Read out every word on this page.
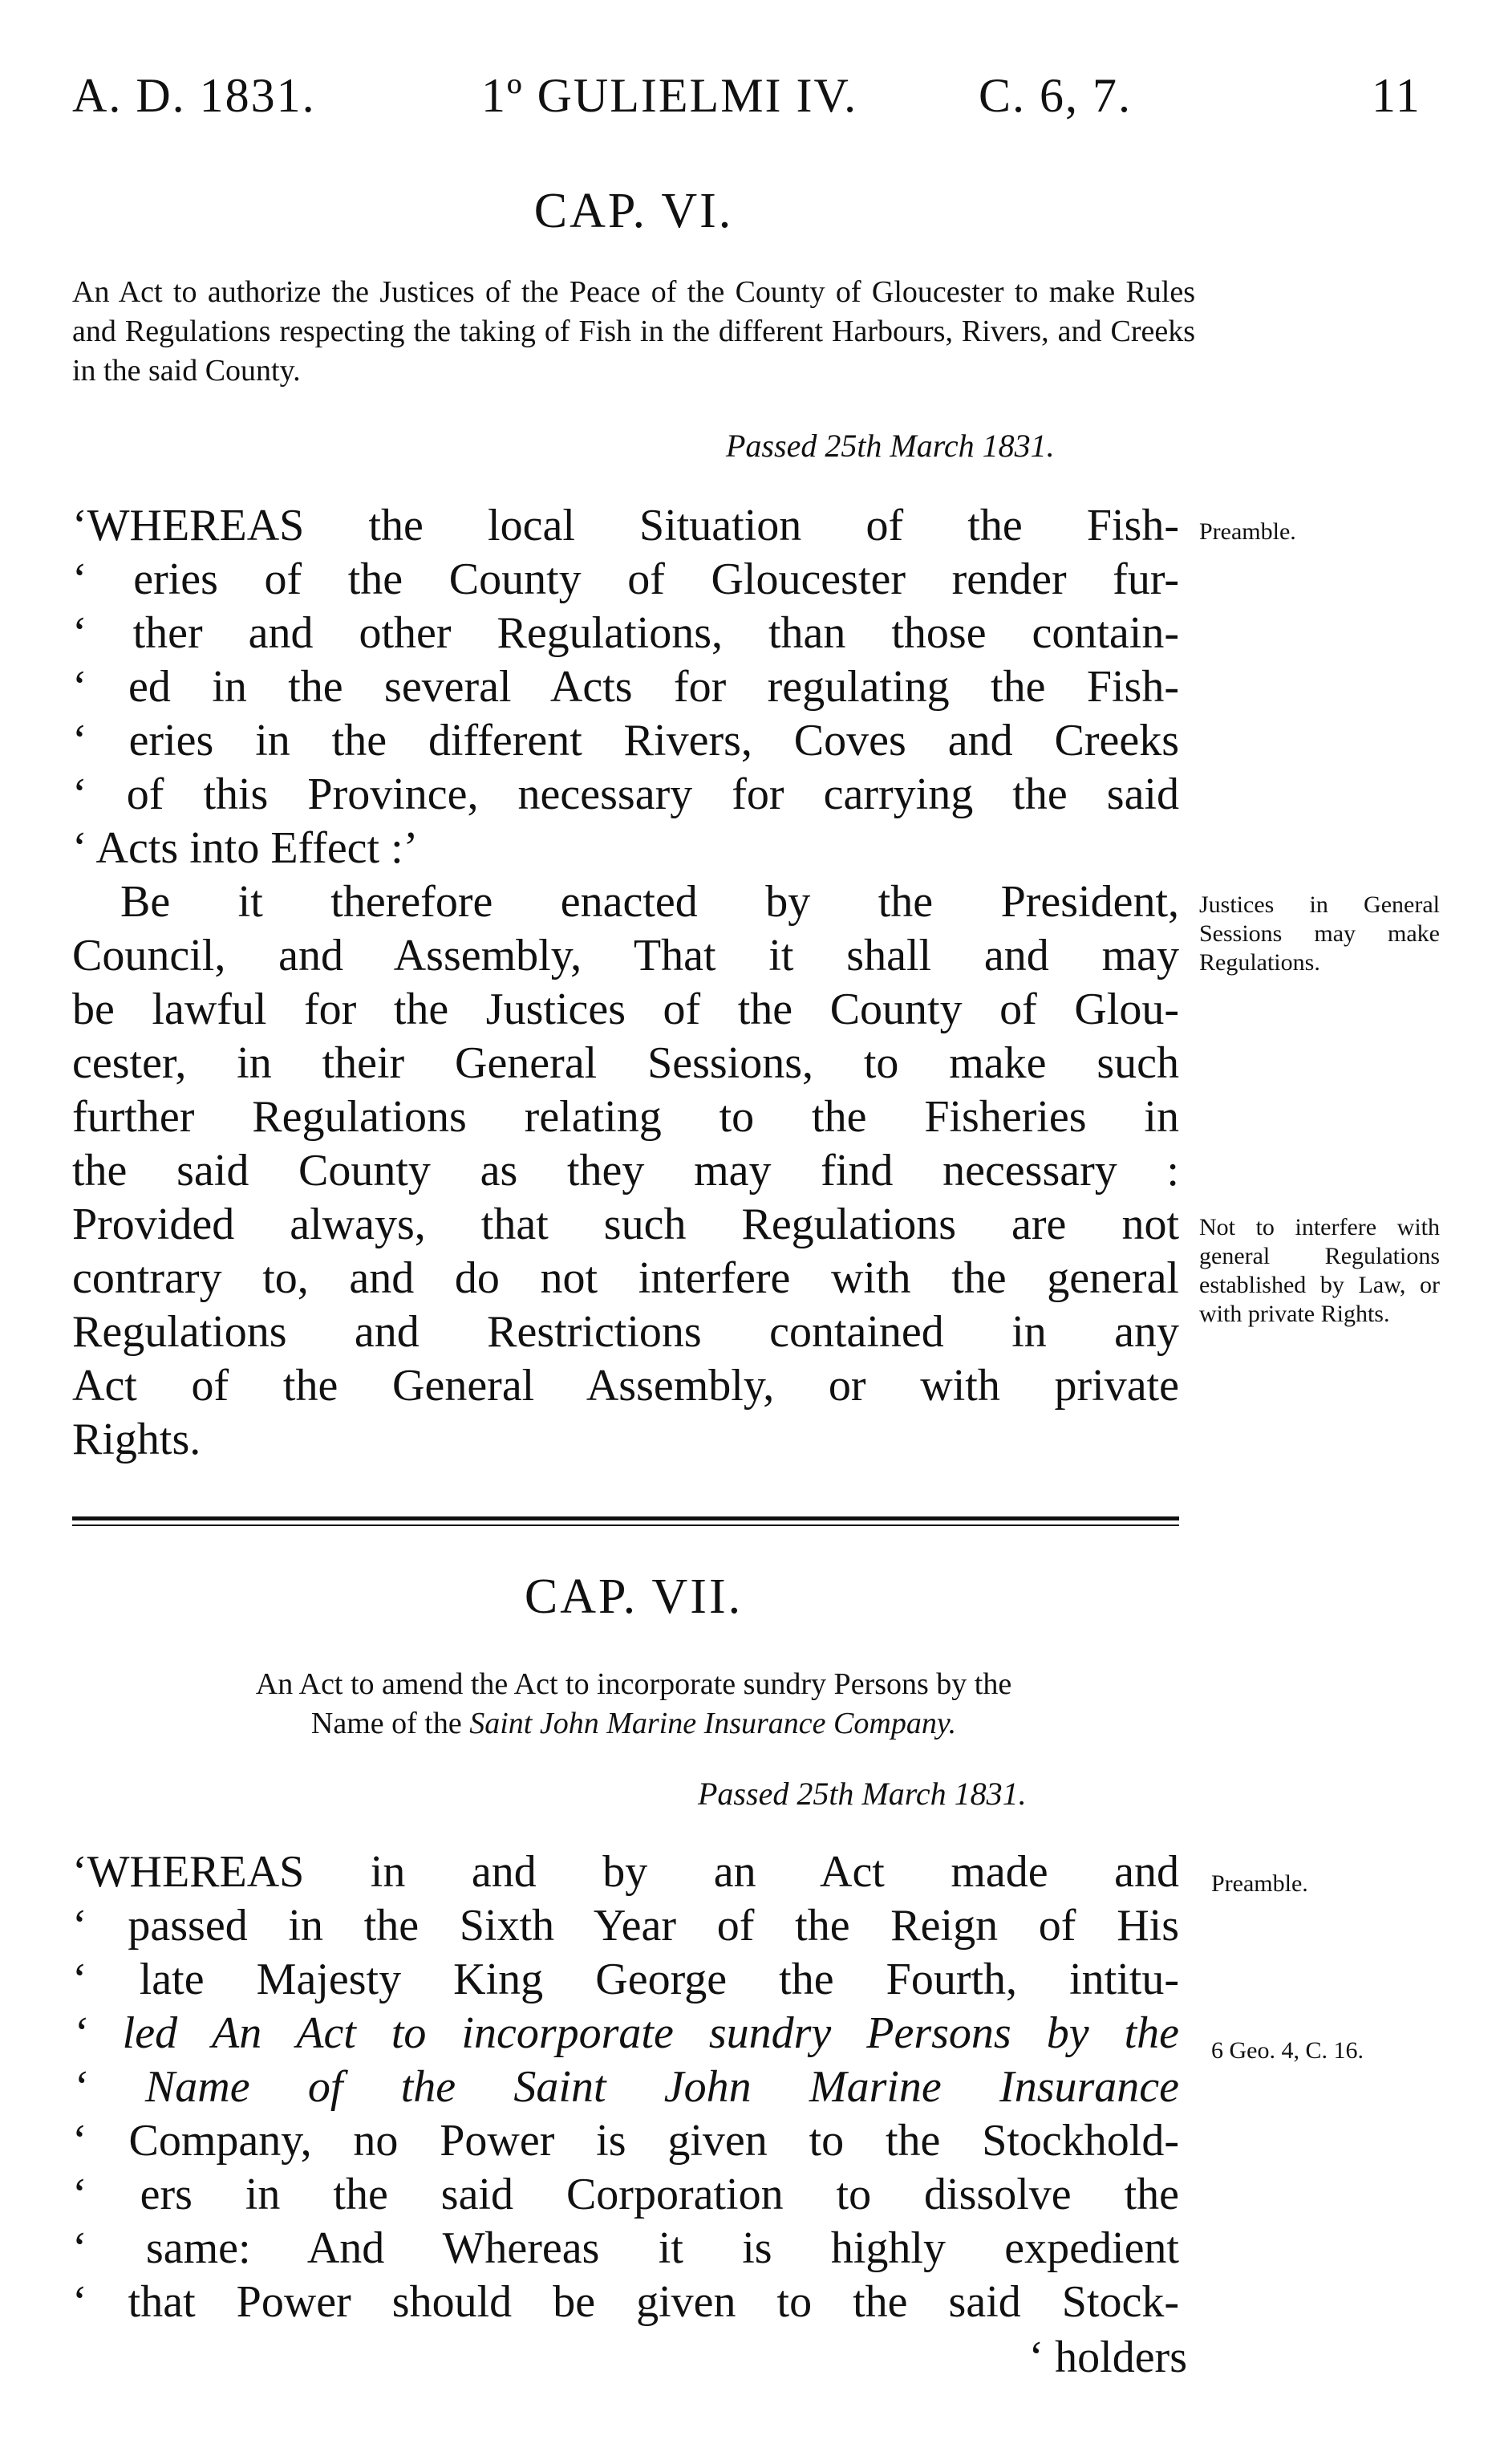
A. D. 1831.	1º GULIELMI IV.	C. 6, 7.	11
CAP. VI.
An Act to authorize the Justices of the Peace of the County of Gloucester to make Rules and Regulations respecting the taking of Fish in the different Harbours, Rivers, and Creeks in the said County.
Passed 25th March 1831.
‘WHEREAS the local Situation of the Fish-
‘ eries of the County of Gloucester render fur-
‘ ther and other Regulations, than those contain-
‘ ed in the several Acts for regulating the Fish-
‘ eries in the different Rivers, Coves and Creeks
‘ of this Province, necessary for carrying the said
‘ Acts into Effect :’
Be it therefore enacted by the President,
Council, and Assembly, That it shall and may
be lawful for the Justices of the County of Glou-
cester, in their General Sessions, to make such
further Regulations relating to the Fisheries in
the said County as they may find necessary :
Provided always, that such Regulations are not
contrary to, and do not interfere with the general
Regulations and Restrictions contained in any
Act of the General Assembly, or with private
Rights.
Preamble.
Justices in General Sessions may make Regulations.
Not to interfere with general Regulations established by Law, or with private Rights.
CAP. VII.
An Act to amend the Act to incorporate sundry Persons by the
Name of the Saint John Marine Insurance Company.
Passed 25th March 1831.
‘WHEREAS in and by an Act made and
‘ passed in the Sixth Year of the Reign of His
‘ late Majesty King George the Fourth, intitu-
‘ led An Act to incorporate sundry Persons by the
‘ Name of the Saint John Marine Insurance
‘ Company, no Power is given to the Stockhold-
‘ ers in the said Corporation to dissolve the
‘ same: And Whereas it is highly expedient
‘ that Power should be given to the said Stock-
‘ holders
Preamble.
6 Geo. 4, C. 16.
